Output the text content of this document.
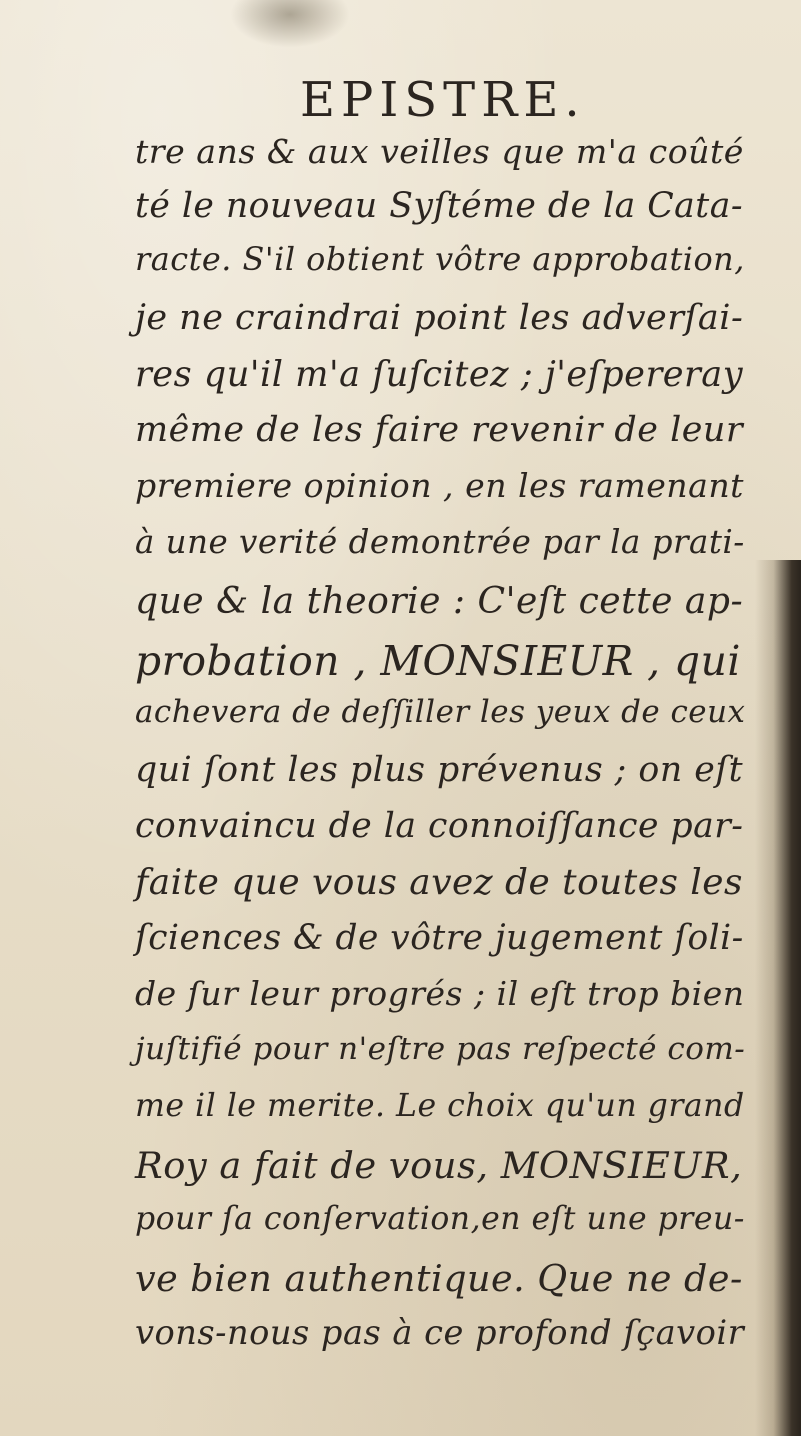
EPISTRE.
tre ans & aux veilles que m'a coûté
té le nouveau Syſtéme de la Cata-
racte. S'il obtient vôtre approbation,
je ne craindrai point les adverſai-
res qu'il m'a ſuſcitez ; j'eſpereray
même de les faire revenir de leur
premiere opinion , en les ramenant
à une verité demontrée par la prati-
que & la theorie : C'eſt cette ap-
probation , MONSIEUR , qui
achevera de deſſiller les yeux de ceux
qui ſont les plus prévenus ; on eſt
convaincu de la connoiſſance par-
faite que vous avez de toutes les
ſciences & de vôtre jugement ſoli-
de ſur leur progrés ; il eſt trop bien
juſtifié pour n'eſtre pas reſpecté com-
me il le merite. Le choix qu'un grand
Roy a fait de vous, MONSIEUR,
pour ſa conſervation,en eſt une preu-
ve bien authentique. Que ne de-
vons-nous pas à ce profond ſçavoir
